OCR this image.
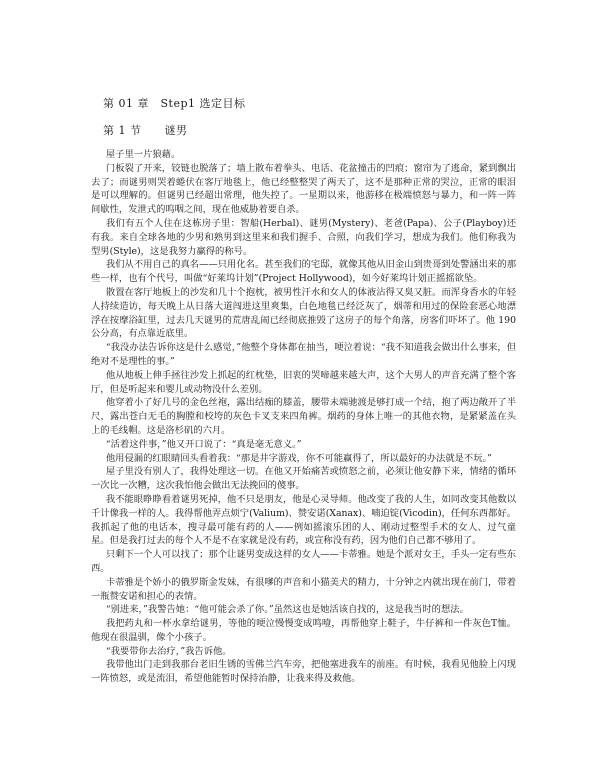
第 01 章　Step1 选定目标
第 1 节　　谜男

屋子里一片狼藉。

门板裂了开来，铰链也脱落了；墙上散布着拳头、电话、花盆撞击的凹痕；窗帘为了逃命，紧到飘出去了；而谜男则哭着蜷伏在客厅地毯上，他已经整整哭了两天了，这不是那种正常的哭泣，正常的眼泪是可以理解的。但谜男已经超出常理，他失控了。一星期以来，他游移在极端愤怒与暴力，和一阵一阵间歇性，发泄式的呜咽之间，现在他威胁着要自杀。

我们有五个人住在这栋房子里：智船(Herbal)、谜男(Mystery)、老爸(Papa)、公子(Playboy)还有我。来自全球各地的少男和熟男到这里来和我们握手、合照，向我们学习，想成为我们。他们称我为型男(Style)，这是我努力赢得的称号。

我们从不用自己的真名——只用化名。甚至我们的宅邸，就像其他从旧金山到贵哥到处警涵出来的那些一样，也有个代号，叫做“好莱坞计划”(Project Hollywood)，如今好莱坞计划正摇摇欲坠。

散置在客厅地板上的沙发和几十个抱枕，被男性汗水和女人的体液沾得又臭又脏。而浑身香水的年轻人持续造访，每天晚上从日落大道闯进这里爽集，白色地毯已经泛灰了，烟蒂和用过的保险套恶心地漂浮在按摩浴缸里，过去几天谜男的荒唐乱闹已经彻底推毁了这房子的每个角落，房客们吓坏了。他 190 公分高，有点靠近底里。

“我没办法告诉你这是什么感觉，”他整个身体都在抽当，哽泣着说：“我不知道我会做出什么事来，但绝对不是理性的事。”

他从地板上伸手拯往沙发上抓起的红枕垫，旧衷的哭啼越来越大声，这个大男人的声音充满了整个客厅，但是听起来和婴儿或动物没什么差别。

他穿着小了好几号的金色丝袍，露出结痂的膝盖，腰带未端驰渡是够打成一个结，抱了两边敞开了半尺，露出苍白无毛的胸膛和校垮的灰色卡叉支来四角裤。烟药的身体上唯一的其他衣物，是紧紧盖在头上的毛线帽。这是洛杉矶的六月。

“活着这件事，”他又开口说了：“真是毫无意义。”

他用侵漏的红眼睛回头看着我：“那是井字游戏，你不可能赢得了，所以最好的办法就是不玩。”

屋子里没有别人了，我得处理这一切。在他又开始痛苦或愤怒之前，必须让他安静下来，情绪的循环一次比一次糟，这次我怕他会做出无法挽回的傻事。

我不能眼睁睁看着谜男死掉，他不只是朋友，他是心灵导师。他改变了我的人生，如同改变其他数以千计像我一样的人。我得帮他弄点烦宁(Valium)、赞安诺(Xanax)、喃迫锭(Vicodin)，任何东西都好。我抓起了他的电话本，搜寻最可能有药的人——例如摇滚乐团的人、刚动过整型手术的女人、过气童星。但是我打过去的每个人不是不在家就是没有药，或宣称没有药，因为他们自己都不够用了。

只剩下一个人可以找了；那个让谜男变成这样的女人——卡蒂雅。她是个派对女王，手头一定有些东西。

卡蒂雅是个娇小的俄罗斯金发妹，有很嗲的声音和小猫美犬的精力，十分钟之内就出现在前门，带着一瓶赞安诺和担心的表情。

“别进来，”我警告她：“他可能会杀了你。”虽然这也是她活该自找的，这是我当时的想法。

我把药丸和一杯水拿给谜男，等他的哽泣慢慢变成鸣噎，再帮他穿上鞋子，牛仔裤和一件灰色T恤。他现在很温驯，像个小孩子。

“我要带你去治疗，”我告诉他。

我带他出门走到我那台老旧生锈的雪佛兰汽车旁，把他塞进我车的前座。有时候，我看见他脸上闪现一阵愤怒，或是流泪，希望他能暂时保持治静，让我来得及救他。
